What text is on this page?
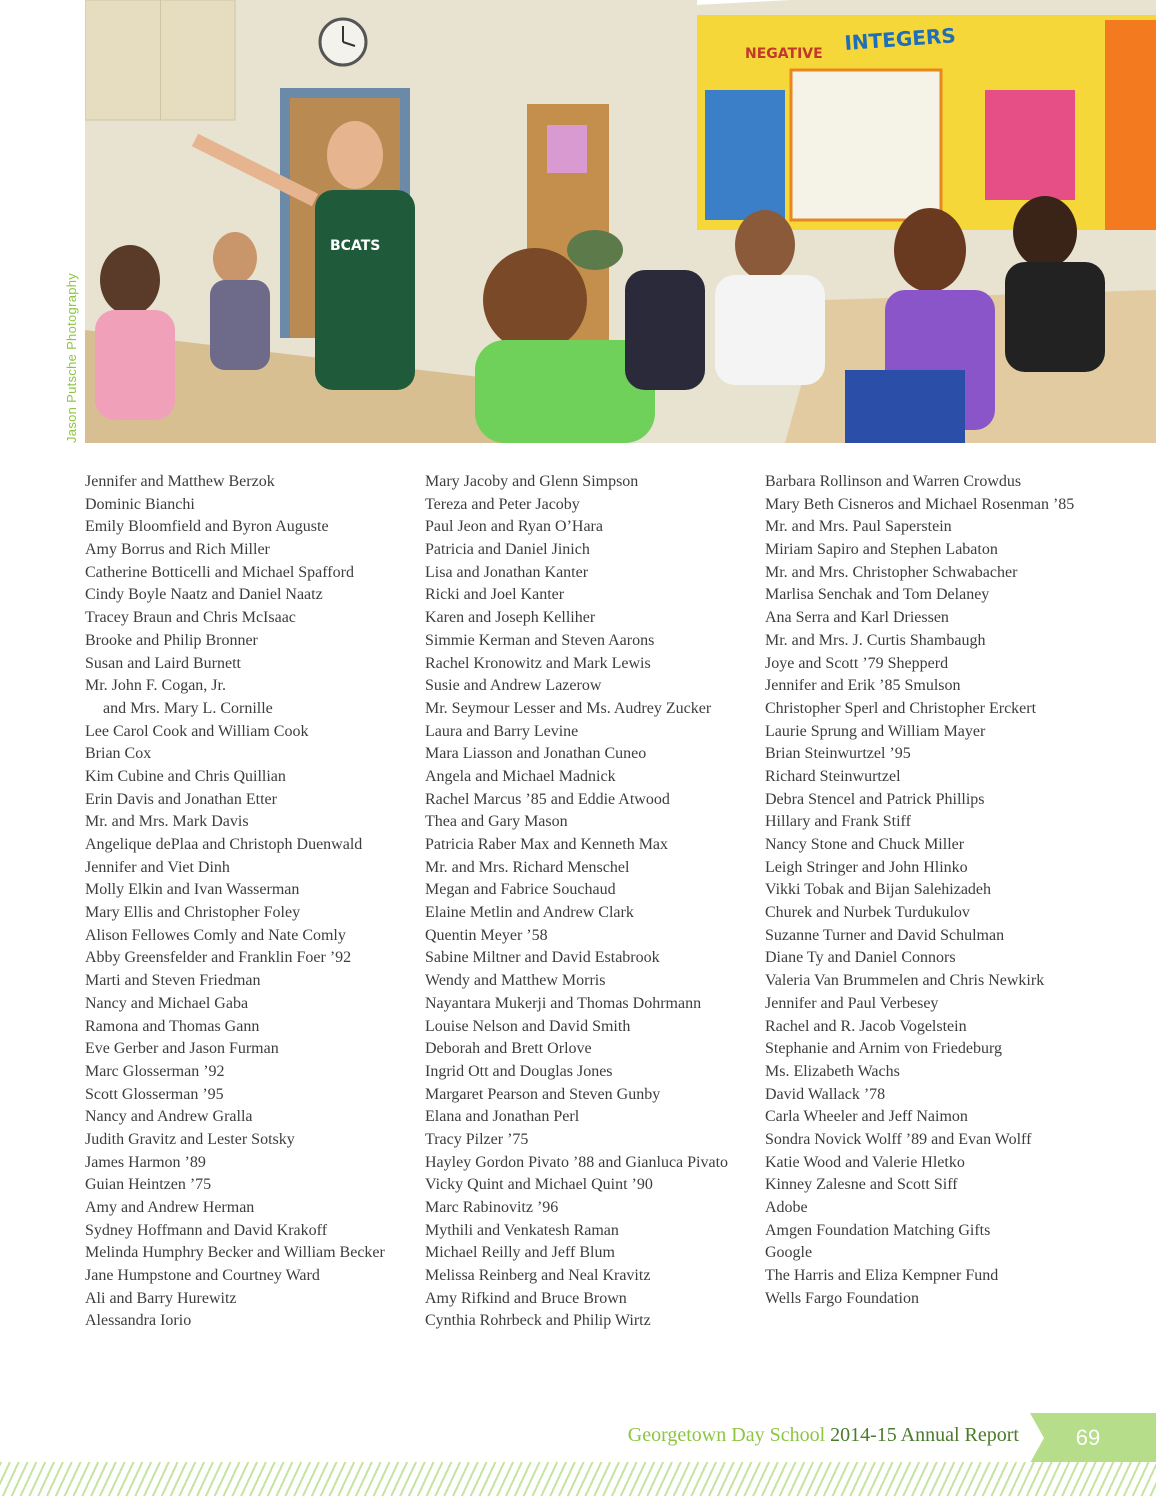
NEGATIVE INTEGERS
BCATS
Jason Putsche Photography
Jennifer and Matthew Berzok
Dominic Bianchi
Emily Bloomfield and Byron Auguste
Amy Borrus and Rich Miller
Catherine Botticelli and Michael Spafford
Cindy Boyle Naatz and Daniel Naatz
Tracey Braun and Chris McIsaac
Brooke and Philip Bronner
Susan and Laird Burnett
Mr. John F. Cogan, Jr.
and Mrs. Mary L. Cornille
Lee Carol Cook and William Cook
Brian Cox
Kim Cubine and Chris Quillian
Erin Davis and Jonathan Etter
Mr. and Mrs. Mark Davis
Angelique dePlaa and Christoph Duenwald
Jennifer and Viet Dinh
Molly Elkin and Ivan Wasserman
Mary Ellis and Christopher Foley
Alison Fellowes Comly and Nate Comly
Abby Greensfelder and Franklin Foer ’92
Marti and Steven Friedman
Nancy and Michael Gaba
Ramona and Thomas Gann
Eve Gerber and Jason Furman
Marc Glosserman ’92
Scott Glosserman ’95
Nancy and Andrew Gralla
Judith Gravitz and Lester Sotsky
James Harmon ’89
Guian Heintzen ’75
Amy and Andrew Herman
Sydney Hoffmann and David Krakoff
Melinda Humphry Becker and William Becker
Jane Humpstone and Courtney Ward
Ali and Barry Hurewitz
Alessandra Iorio
Mary Jacoby and Glenn Simpson
Tereza and Peter Jacoby
Paul Jeon and Ryan O’Hara
Patricia and Daniel Jinich
Lisa and Jonathan Kanter
Ricki and Joel Kanter
Karen and Joseph Kelliher
Simmie Kerman and Steven Aarons
Rachel Kronowitz and Mark Lewis
Susie and Andrew Lazerow
Mr. Seymour Lesser and Ms. Audrey Zucker
Laura and Barry Levine
Mara Liasson and Jonathan Cuneo
Angela and Michael Madnick
Rachel Marcus ’85 and Eddie Atwood
Thea and Gary Mason
Patricia Raber Max and Kenneth Max
Mr. and Mrs. Richard Menschel
Megan and Fabrice Souchaud
Elaine Metlin and Andrew Clark
Quentin Meyer ’58
Sabine Miltner and David Estabrook
Wendy and Matthew Morris
Nayantara Mukerji and Thomas Dohrmann
Louise Nelson and David Smith
Deborah and Brett Orlove
Ingrid Ott and Douglas Jones
Margaret Pearson and Steven Gunby
Elana and Jonathan Perl
Tracy Pilzer ’75
Hayley Gordon Pivato ’88 and Gianluca Pivato
Vicky Quint and Michael Quint ’90
Marc Rabinovitz ’96
Mythili and Venkatesh Raman
Michael Reilly and Jeff Blum
Melissa Reinberg and Neal Kravitz
Amy Rifkind and Bruce Brown
Cynthia Rohrbeck and Philip Wirtz
Barbara Rollinson and Warren Crowdus
Mary Beth Cisneros and Michael Rosenman ’85
Mr. and Mrs. Paul Saperstein
Miriam Sapiro and Stephen Labaton
Mr. and Mrs. Christopher Schwabacher
Marlisa Senchak and Tom Delaney
Ana Serra and Karl Driessen
Mr. and Mrs. J. Curtis Shambaugh
Joye and Scott ’79 Shepperd
Jennifer and Erik ’85 Smulson
Christopher Sperl and Christopher Erckert
Laurie Sprung and William Mayer
Brian Steinwurtzel ’95
Richard Steinwurtzel
Debra Stencel and Patrick Phillips
Hillary and Frank Stiff
Nancy Stone and Chuck Miller
Leigh Stringer and John Hlinko
Vikki Tobak and Bijan Salehizadeh
Churek and Nurbek Turdukulov
Suzanne Turner and David Schulman
Diane Ty and Daniel Connors
Valeria Van Brummelen and Chris Newkirk
Jennifer and Paul Verbesey
Rachel and R. Jacob Vogelstein
Stephanie and Arnim von Friedeburg
Ms. Elizabeth Wachs
David Wallack ’78
Carla Wheeler and Jeff Naimon
Sondra Novick Wolff ’89 and Evan Wolff
Katie Wood and Valerie Hletko
Kinney Zalesne and Scott Siff
Adobe
Amgen Foundation Matching Gifts
Google
The Harris and Eliza Kempner Fund
Wells Fargo Foundation
Georgetown Day School 2014-15 Annual Report	69
